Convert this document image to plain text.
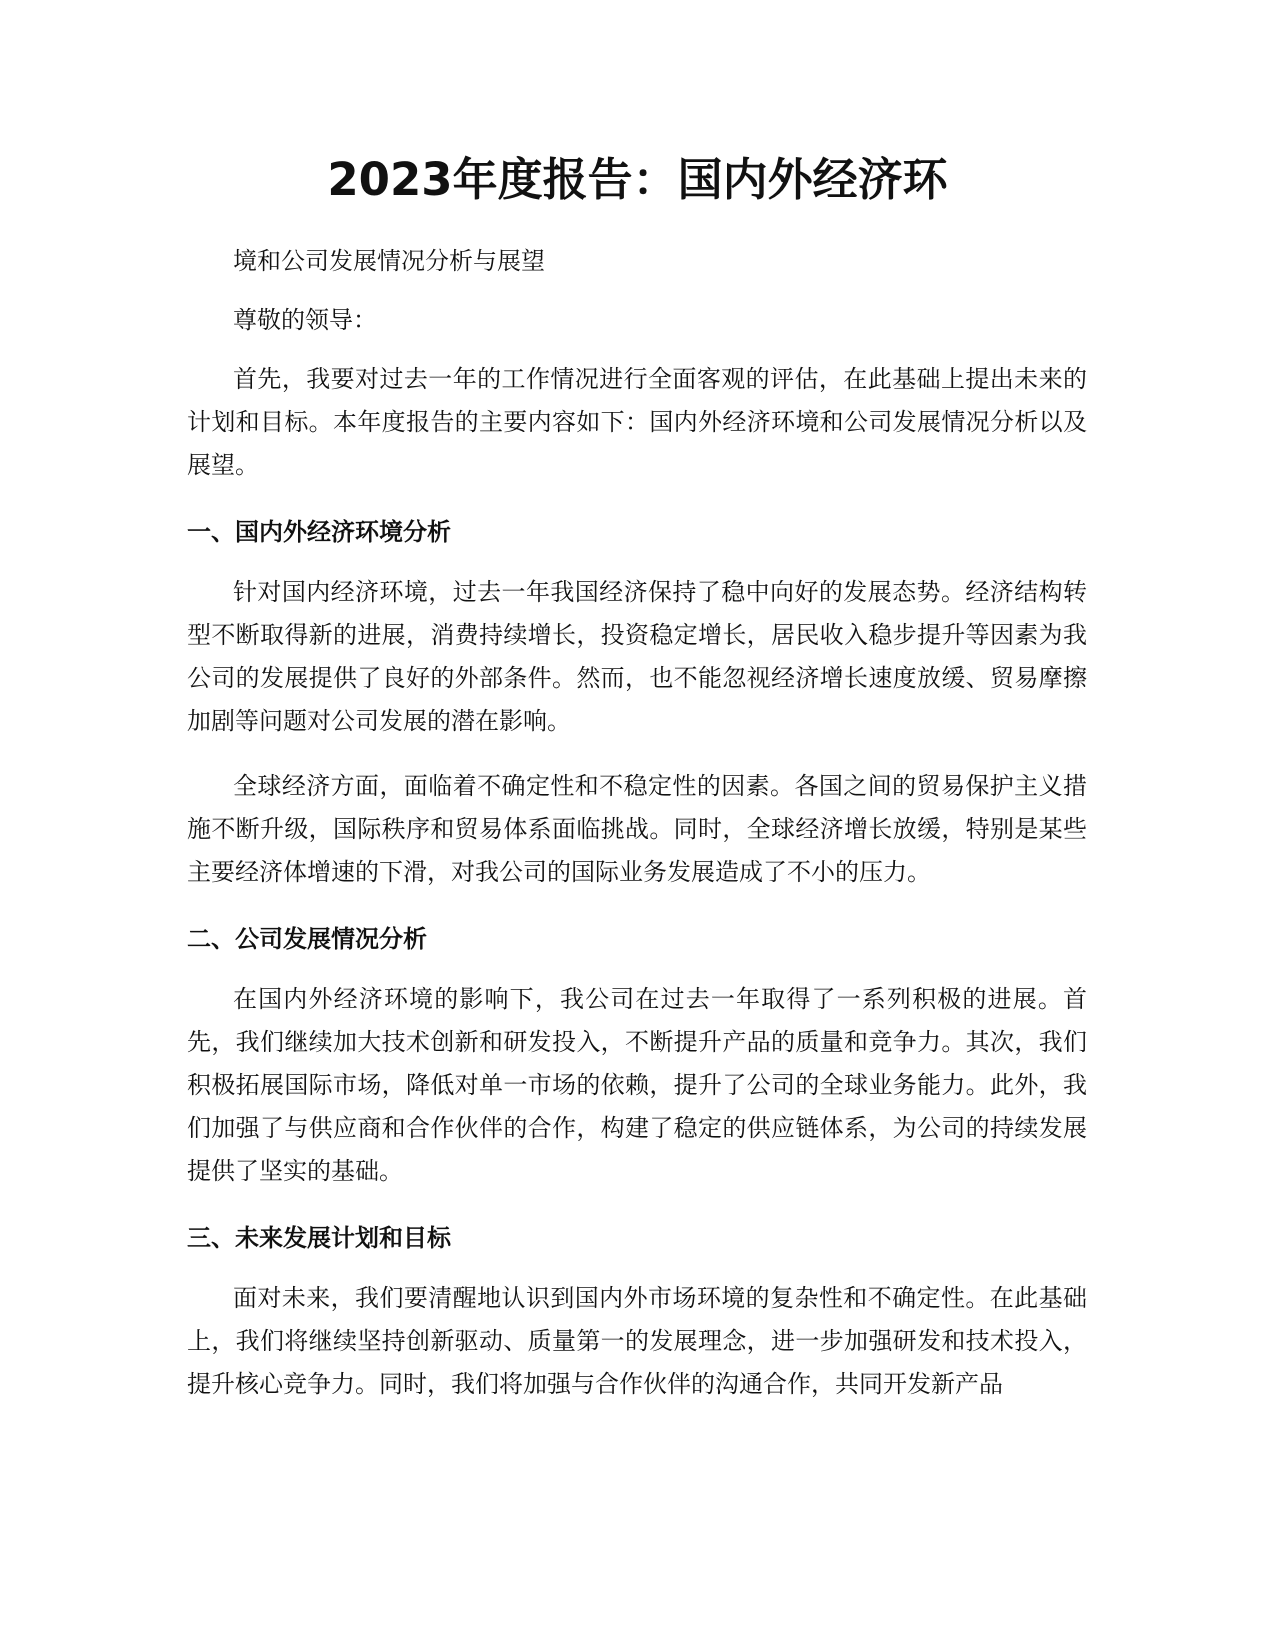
2023年度报告：国内外经济环

境和公司发展情况分析与展望

尊敬的领导：

首先，我要对过去一年的工作情况进行全面客观的评估，在此基础上提出未来的计划和目标。本年度报告的主要内容如下：国内外经济环境和公司发展情况分析以及展望。

一、国内外经济环境分析

针对国内经济环境，过去一年我国经济保持了稳中向好的发展态势。经济结构转型不断取得新的进展，消费持续增长，投资稳定增长，居民收入稳步提升等因素为我公司的发展提供了良好的外部条件。然而，也不能忽视经济增长速度放缓、贸易摩擦加剧等问题对公司发展的潜在影响。

全球经济方面，面临着不确定性和不稳定性的因素。各国之间的贸易保护主义措施不断升级，国际秩序和贸易体系面临挑战。同时，全球经济增长放缓，特别是某些主要经济体增速的下滑，对我公司的国际业务发展造成了不小的压力。

二、公司发展情况分析

在国内外经济环境的影响下，我公司在过去一年取得了一系列积极的进展。首先，我们继续加大技术创新和研发投入，不断提升产品的质量和竞争力。其次，我们积极拓展国际市场，降低对单一市场的依赖，提升了公司的全球业务能力。此外，我们加强了与供应商和合作伙伴的合作，构建了稳定的供应链体系，为公司的持续发展提供了坚实的基础。

三、未来发展计划和目标

面对未来，我们要清醒地认识到国内外市场环境的复杂性和不确定性。在此基础上，我们将继续坚持创新驱动、质量第一的发展理念，进一步加强研发和技术投入，提升核心竞争力。同时，我们将加强与合作伙伴的沟通合作，共同开发新产品
